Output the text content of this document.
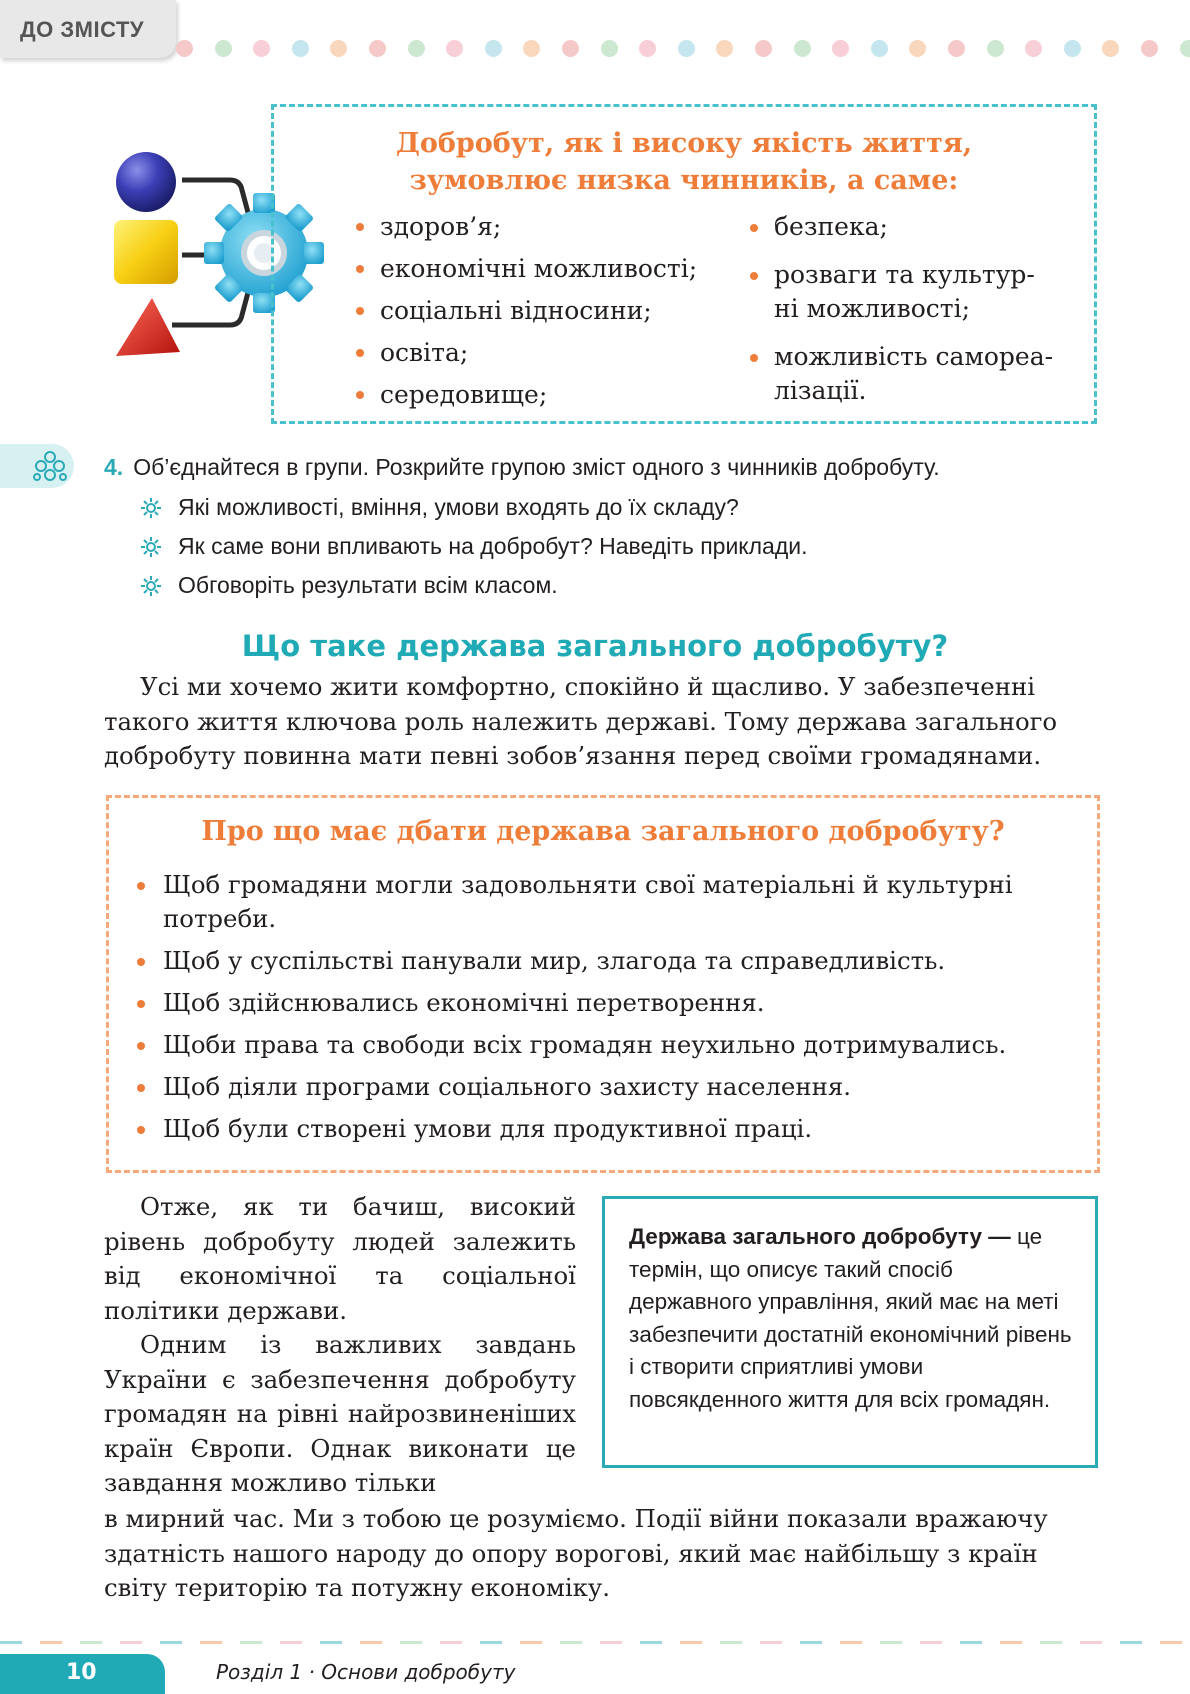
ДО ЗМІСТУ
Добробут, як і високу якість життя,
зумовлює низка чинників, а саме:
здоров’я;
економічні можливості;
соціальні відносини;
освіта;
середовище;
безпека;
розваги та культур-
ні можливості;
можливість самореа-
лізації.
4. Об’єднайтеся в групи. Розкрийте групою зміст одного з чинників добробуту.
Які можливості, вміння, умови входять до їх складу?
Як саме вони впливають на добробут? Наведіть приклади.
Обговоріть результати всім класом.
Що таке держава загального добробуту?
Усі ми хочемо жити комфортно, спокійно й щасливо. У забезпеченні
такого життя ключова роль належить державі. Тому держава загального
добробуту повинна мати певні зобов’язання перед своїми громадянами.
Про що має дбати держава загального добробуту?
Щоб громадяни могли задовольняти свої матеріальні й культурні
потреби.
Щоб у суспільстві панували мир, злагода та справедливість.
Щоб здійснювались економічні перетворення.
Щоби права та свободи всіх громадян неухильно дотримувались.
Щоб діяли програми соціального захисту населення.
Щоб були створені умови для продуктивної праці.

Отже, як ти бачиш, високий рівень добробуту людей залежить від економічної та соціальної політики держави.

Одним із важливих завдань України є забезпечення добробуту громадян на рівні найрозвиненіших країн Європи. Однак виконати це завдання можливо тільки

Держава загального добробуту — це термін, що описує такий спосіб державного управління, який має на меті забезпечити достатній економічний рівень і створити сприятливі умови повсякденного життя для всіх громадян.
в мирний час. Ми з тобою це розуміємо. Події війни показали вражаючу
здатність нашого народу до опору ворогові, який має найбільшу з країн
світу територію та потужну економіку.
10	Розділ 1 · Основи добробуту
